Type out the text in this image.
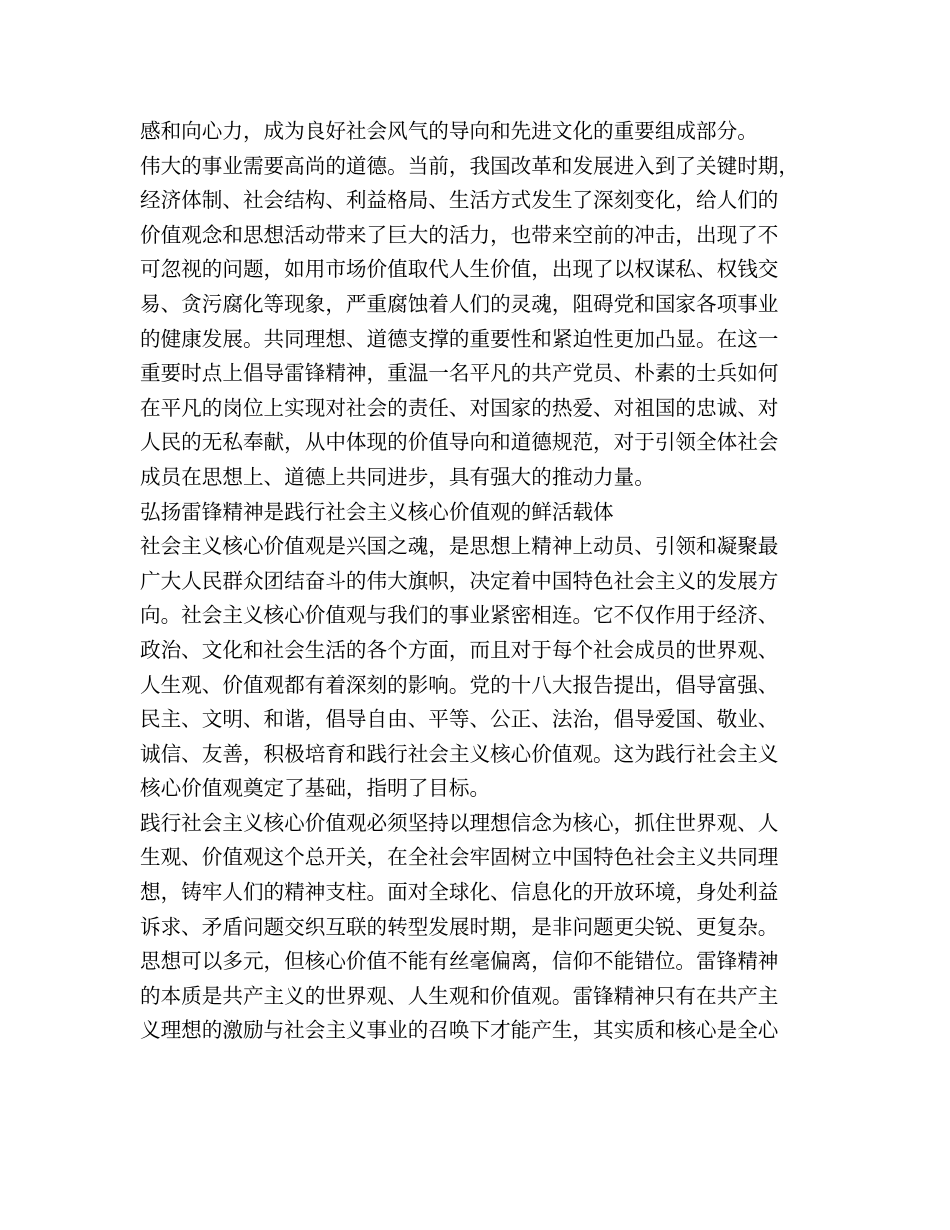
感和向心力，成为良好社会风气的导向和先进文化的重要组成部分。
伟大的事业需要高尚的道德。当前，我国改革和发展进入到了关键时期，
经济体制、社会结构、利益格局、生活方式发生了深刻变化，给人们的
价值观念和思想活动带来了巨大的活力，也带来空前的冲击，出现了不
可忽视的问题，如用市场价值取代人生价值，出现了以权谋私、权钱交
易、贪污腐化等现象，严重腐蚀着人们的灵魂，阻碍党和国家各项事业
的健康发展。共同理想、道德支撑的重要性和紧迫性更加凸显。在这一
重要时点上倡导雷锋精神，重温一名平凡的共产党员、朴素的士兵如何
在平凡的岗位上实现对社会的责任、对国家的热爱、对祖国的忠诚、对
人民的无私奉献，从中体现的价值导向和道德规范，对于引领全体社会
成员在思想上、道德上共同进步，具有强大的推动力量。
弘扬雷锋精神是践行社会主义核心价值观的鲜活载体
社会主义核心价值观是兴国之魂，是思想上精神上动员、引领和凝聚最
广大人民群众团结奋斗的伟大旗帜，决定着中国特色社会主义的发展方
向。社会主义核心价值观与我们的事业紧密相连。它不仅作用于经济、
政治、文化和社会生活的各个方面，而且对于每个社会成员的世界观、
人生观、价值观都有着深刻的影响。党的十八大报告提出，倡导富强、
民主、文明、和谐，倡导自由、平等、公正、法治，倡导爱国、敬业、
诚信、友善，积极培育和践行社会主义核心价值观。这为践行社会主义
核心价值观奠定了基础，指明了目标。
践行社会主义核心价值观必须坚持以理想信念为核心，抓住世界观、人
生观、价值观这个总开关，在全社会牢固树立中国特色社会主义共同理
想，铸牢人们的精神支柱。面对全球化、信息化的开放环境，身处利益
诉求、矛盾问题交织互联的转型发展时期，是非问题更尖锐、更复杂。
思想可以多元，但核心价值不能有丝毫偏离，信仰不能错位。雷锋精神
的本质是共产主义的世界观、人生观和价值观。雷锋精神只有在共产主
义理想的激励与社会主义事业的召唤下才能产生，其实质和核心是全心
